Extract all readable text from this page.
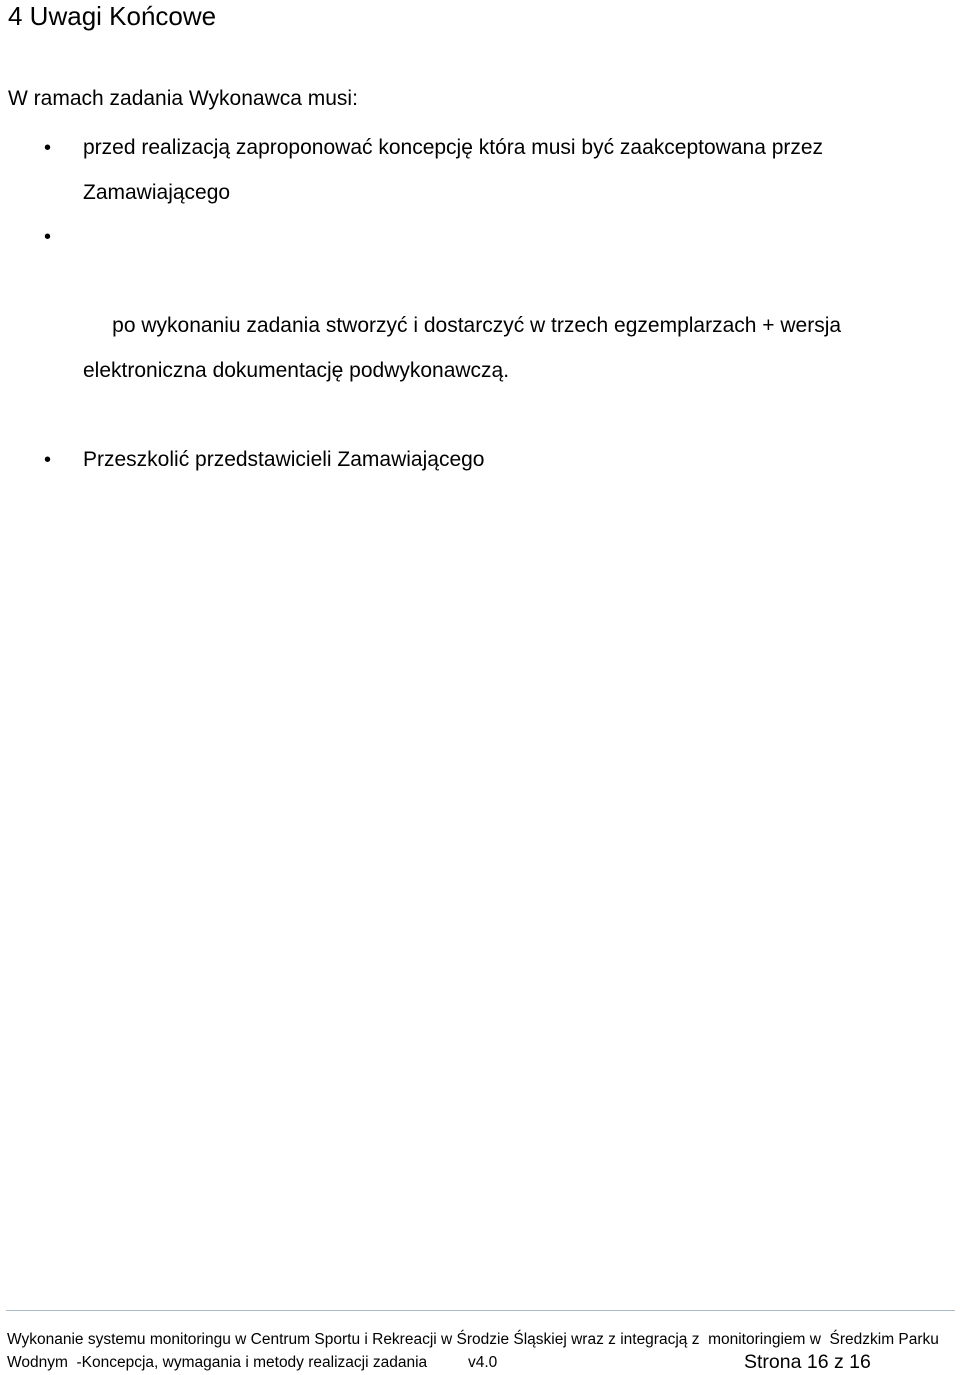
4 Uwagi Końcowe
W ramach zadania Wykonawca musi:
• przed realizacją zaproponować koncepcję która musi być zaakceptowana przez Zamawiającego

•

po wykonaniu zadania stworzyć i dostarczyć w trzech egzemplarzach + wersja elektroniczna dokumentację podwykonawczą.

• Przeszkolić przedstawicieli Zamawiającego
Wykonanie systemu monitoringu w Centrum Sportu i Rekreacji w Środzie Śląskiej wraz z integracją z  monitoringiem w  Średzkim Parku
Wodnym  -Koncepcja, wymagania i metody realizacji zadania	v4.0	Strona 16 z 16
